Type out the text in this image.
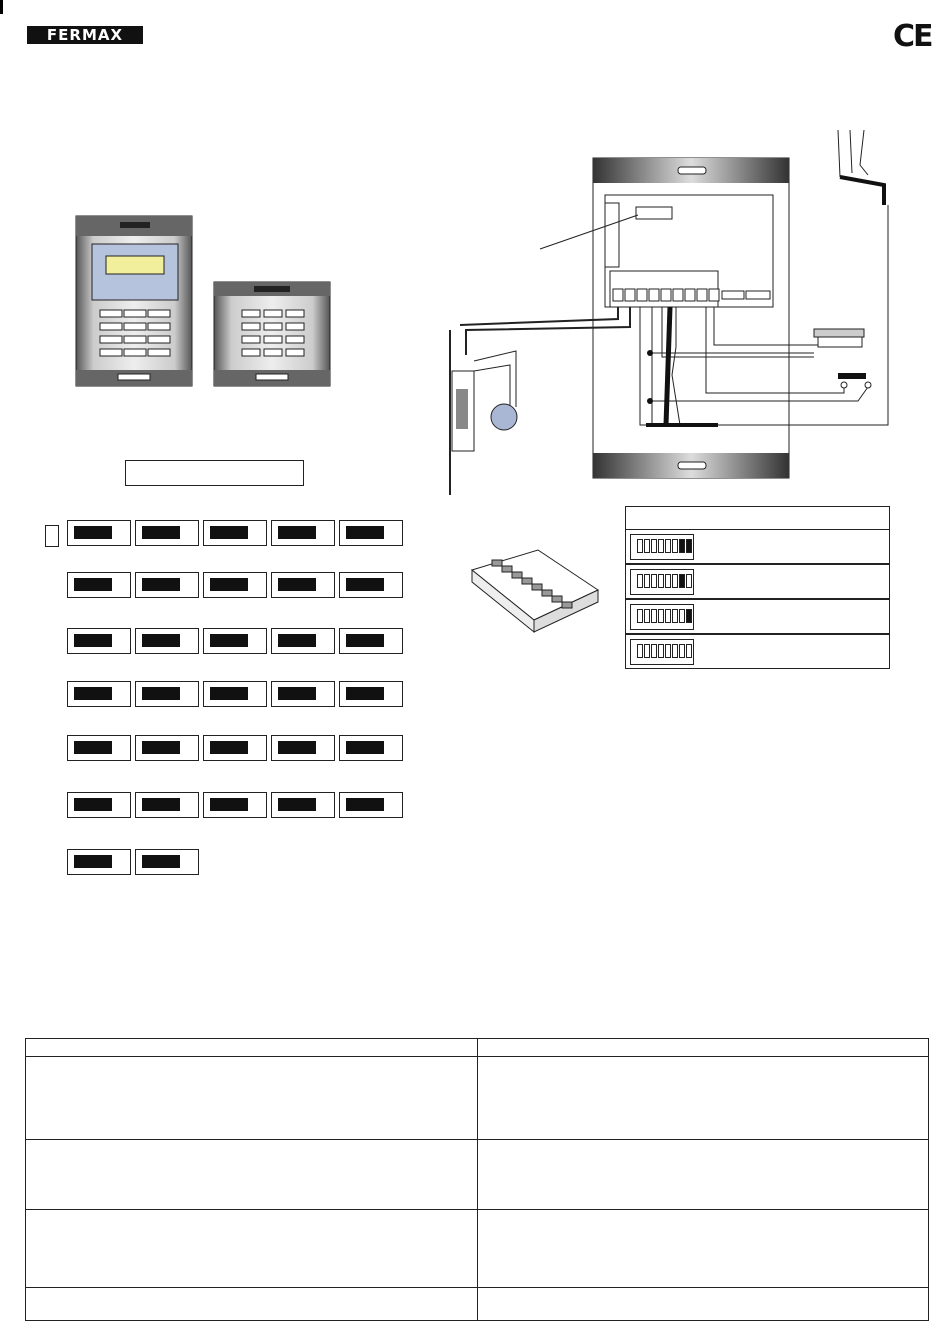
FERMAX	CE
